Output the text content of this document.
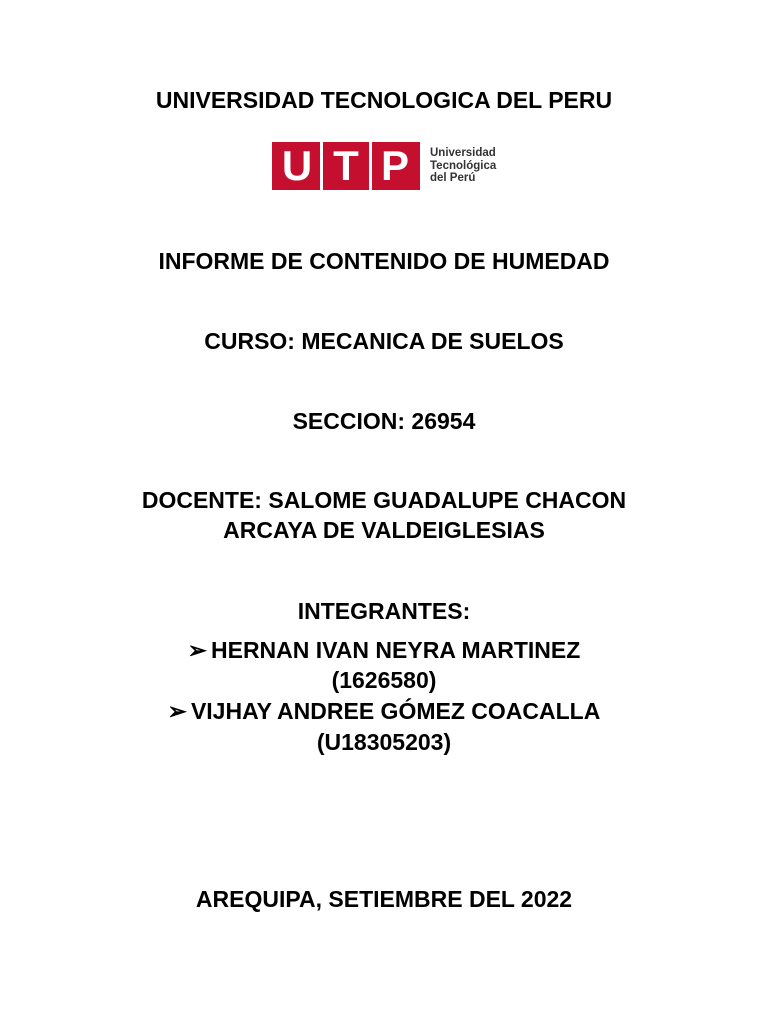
UNIVERSIDAD TECNOLOGICA DEL PERU
U T P	Universidad
Tecnológica
del Perú
INFORME DE CONTENIDO DE HUMEDAD
CURSO: MECANICA DE SUELOS
SECCION: 26954
DOCENTE: SALOME GUADALUPE CHACON
ARCAYA DE VALDEIGLESIAS
INTEGRANTES:
➢ HERNAN IVAN NEYRA MARTINEZ
(1626580)
➢ VIJHAY ANDREE GÓMEZ COACALLA
(U18305203)
AREQUIPA, SETIEMBRE DEL 2022
